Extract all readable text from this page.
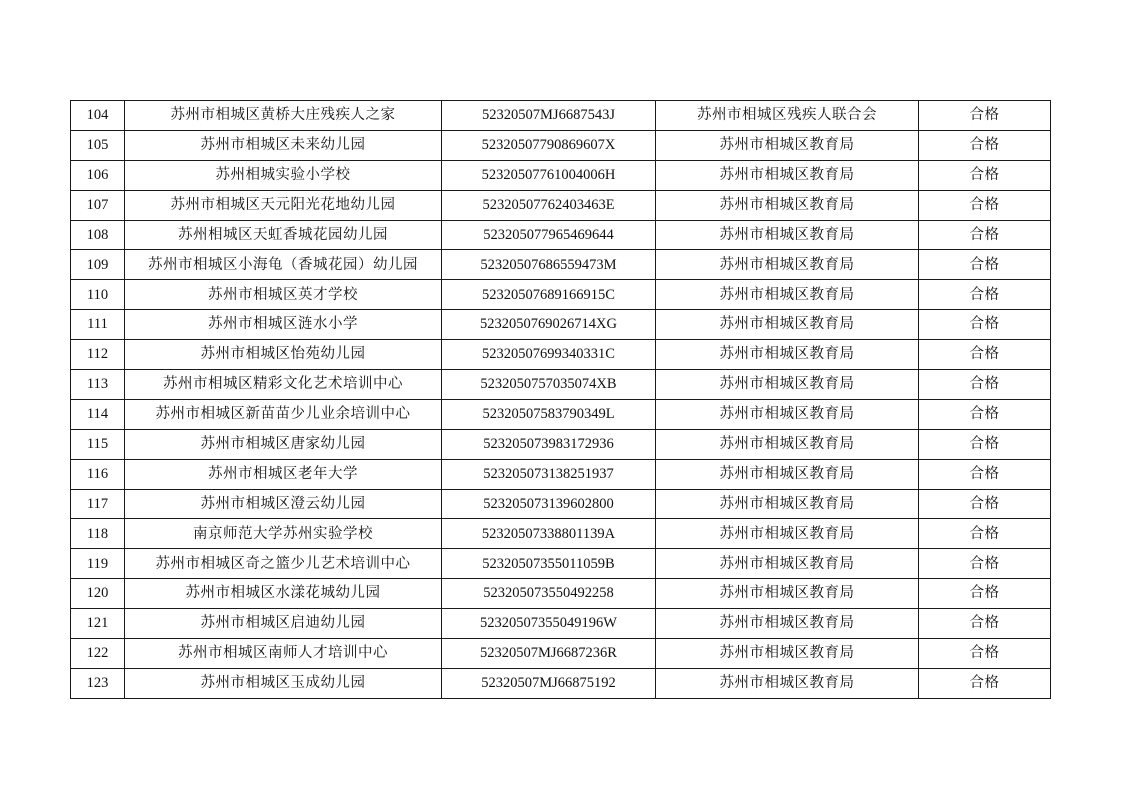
104	苏州市相城区黄桥大庄残疾人之家	52320507MJ6687543J	苏州市相城区残疾人联合会	合格
105	苏州市相城区未来幼儿园	52320507790869607X	苏州市相城区教育局	合格
106	苏州相城实验小学校	52320507761004006H	苏州市相城区教育局	合格
107	苏州市相城区天元阳光花地幼儿园	52320507762403463E	苏州市相城区教育局	合格
108	苏州相城区天虹香城花园幼儿园	523205077965469644	苏州市相城区教育局	合格
109	苏州市相城区小海龟（香城花园）幼儿园	52320507686559473M	苏州市相城区教育局	合格
110	苏州市相城区英才学校	52320507689166915C	苏州市相城区教育局	合格
111	苏州市相城区涟水小学	5232050769026714XG	苏州市相城区教育局	合格
112	苏州市相城区怡苑幼儿园	52320507699340331C	苏州市相城区教育局	合格
113	苏州市相城区精彩文化艺术培训中心	5232050757035074XB	苏州市相城区教育局	合格
114	苏州市相城区新苗苗少儿业余培训中心	52320507583790349L	苏州市相城区教育局	合格
115	苏州市相城区唐家幼儿园	523205073983172936	苏州市相城区教育局	合格
116	苏州市相城区老年大学	523205073138251937	苏州市相城区教育局	合格
117	苏州市相城区澄云幼儿园	523205073139602800	苏州市相城区教育局	合格
118	南京师范大学苏州实验学校	52320507338801139A	苏州市相城区教育局	合格
119	苏州市相城区奇之篮少儿艺术培训中心	52320507355011059B	苏州市相城区教育局	合格
120	苏州市相城区水漾花城幼儿园	523205073550492258	苏州市相城区教育局	合格
121	苏州市相城区启迪幼儿园	52320507355049196W	苏州市相城区教育局	合格
122	苏州市相城区南师人才培训中心	52320507MJ6687236R	苏州市相城区教育局	合格
123	苏州市相城区玉成幼儿园	52320507MJ66875192	苏州市相城区教育局	合格
